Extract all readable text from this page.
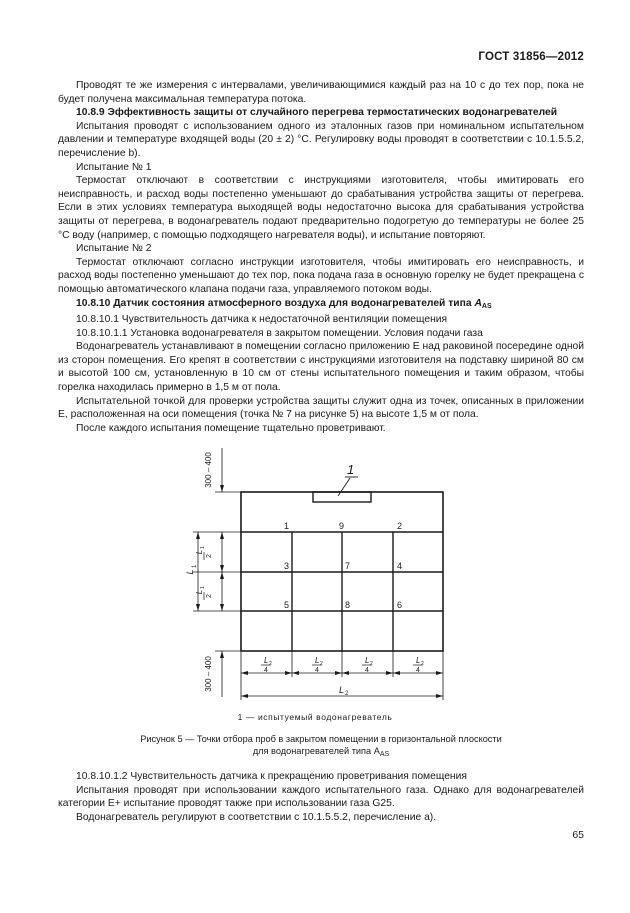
ГОСТ 31856—2012

Проводят те же измерения с интервалами, увеличивающимися каждый раз на 10 с до тех пор, пока не будет получена максимальная температура потока.

10.8.9 Эффективность защиты от случайного перегрева термостатических водонагревателей

Испытания проводят с использованием одного из эталонных газов при номинальном испытательном давлении и температуре входящей воды (20 ± 2) °С. Регулировку воды проводят в соответствии с 10.1.5.5.2, перечисление b).

Испытание № 1

Термостат отключают в соответствии с инструкциями изготовителя, чтобы имитировать его неисправность, и расход воды постепенно уменьшают до срабатывания устройства защиты от перегрева. Если в этих условиях температура выходящей воды недостаточно высока для срабатывания устройства защиты от перегрева, в водонагреватель подают предварительно подогретую до температуры не более 25 °С воду (например, с помощью подходящего нагревателя воды), и испытание повторяют.

Испытание № 2

Термостат отключают согласно инструкции изготовителя, чтобы имитировать его неисправность, и расход воды постепенно уменьшают до тех пор, пока подача газа в основную горелку не будет прекращена с помощью автоматического клапана подачи газа, управляемого потоком воды.

10.8.10 Датчик состояния атмосферного воздуха для водонагревателей типа $A_{AS}$

10.8.10.1 Чувствительность датчика к недостаточной вентиляции помещения

10.8.10.1.1 Установка водонагревателя в закрытом помещении. Условия подачи газа

Водонагреватель устанавливают в помещении согласно приложению Е над раковиной посередине одной из сторон помещения. Его крепят в соответствии с инструкциями изготовителя на подставку шириной 80 см и высотой 100 см, установленную в 10 см от стены испытательного помещения и таким образом, чтобы горелка находилась примерно в 1,5 м от пола.

Испытательной точкой для проверки устройства защиты служит одна из точек, описанных в приложении Е, расположенная на оси помещения (точка № 7 на рисунке 5) на высоте 1,5 м от пола.

После каждого испытания помещение тщательно проветривают.

1
1	9	2
3	7	4
5	8	6
300 – 400
300 – 400
L
1
L
1
2
L
1
2
L 2
4
L 2
4
L 2
4
L 2
4
L 2
1 — испытуемый водонагреватель
Рисунок 5 — Точки отбора проб в закрытом помещении в горизонтальной плоскости
для водонагревателей типа $A_{AS}$

10.8.10.1.2 Чувствительность датчика к прекращению проветривания помещения

Испытания проводят при использовании каждого испытательного газа. Однако для водонагревателей категории Е+ испытание проводят также при использовании газа G25.

Водонагреватель регулируют в соответствии с 10.1.5.5.2, перечисление а).

65
